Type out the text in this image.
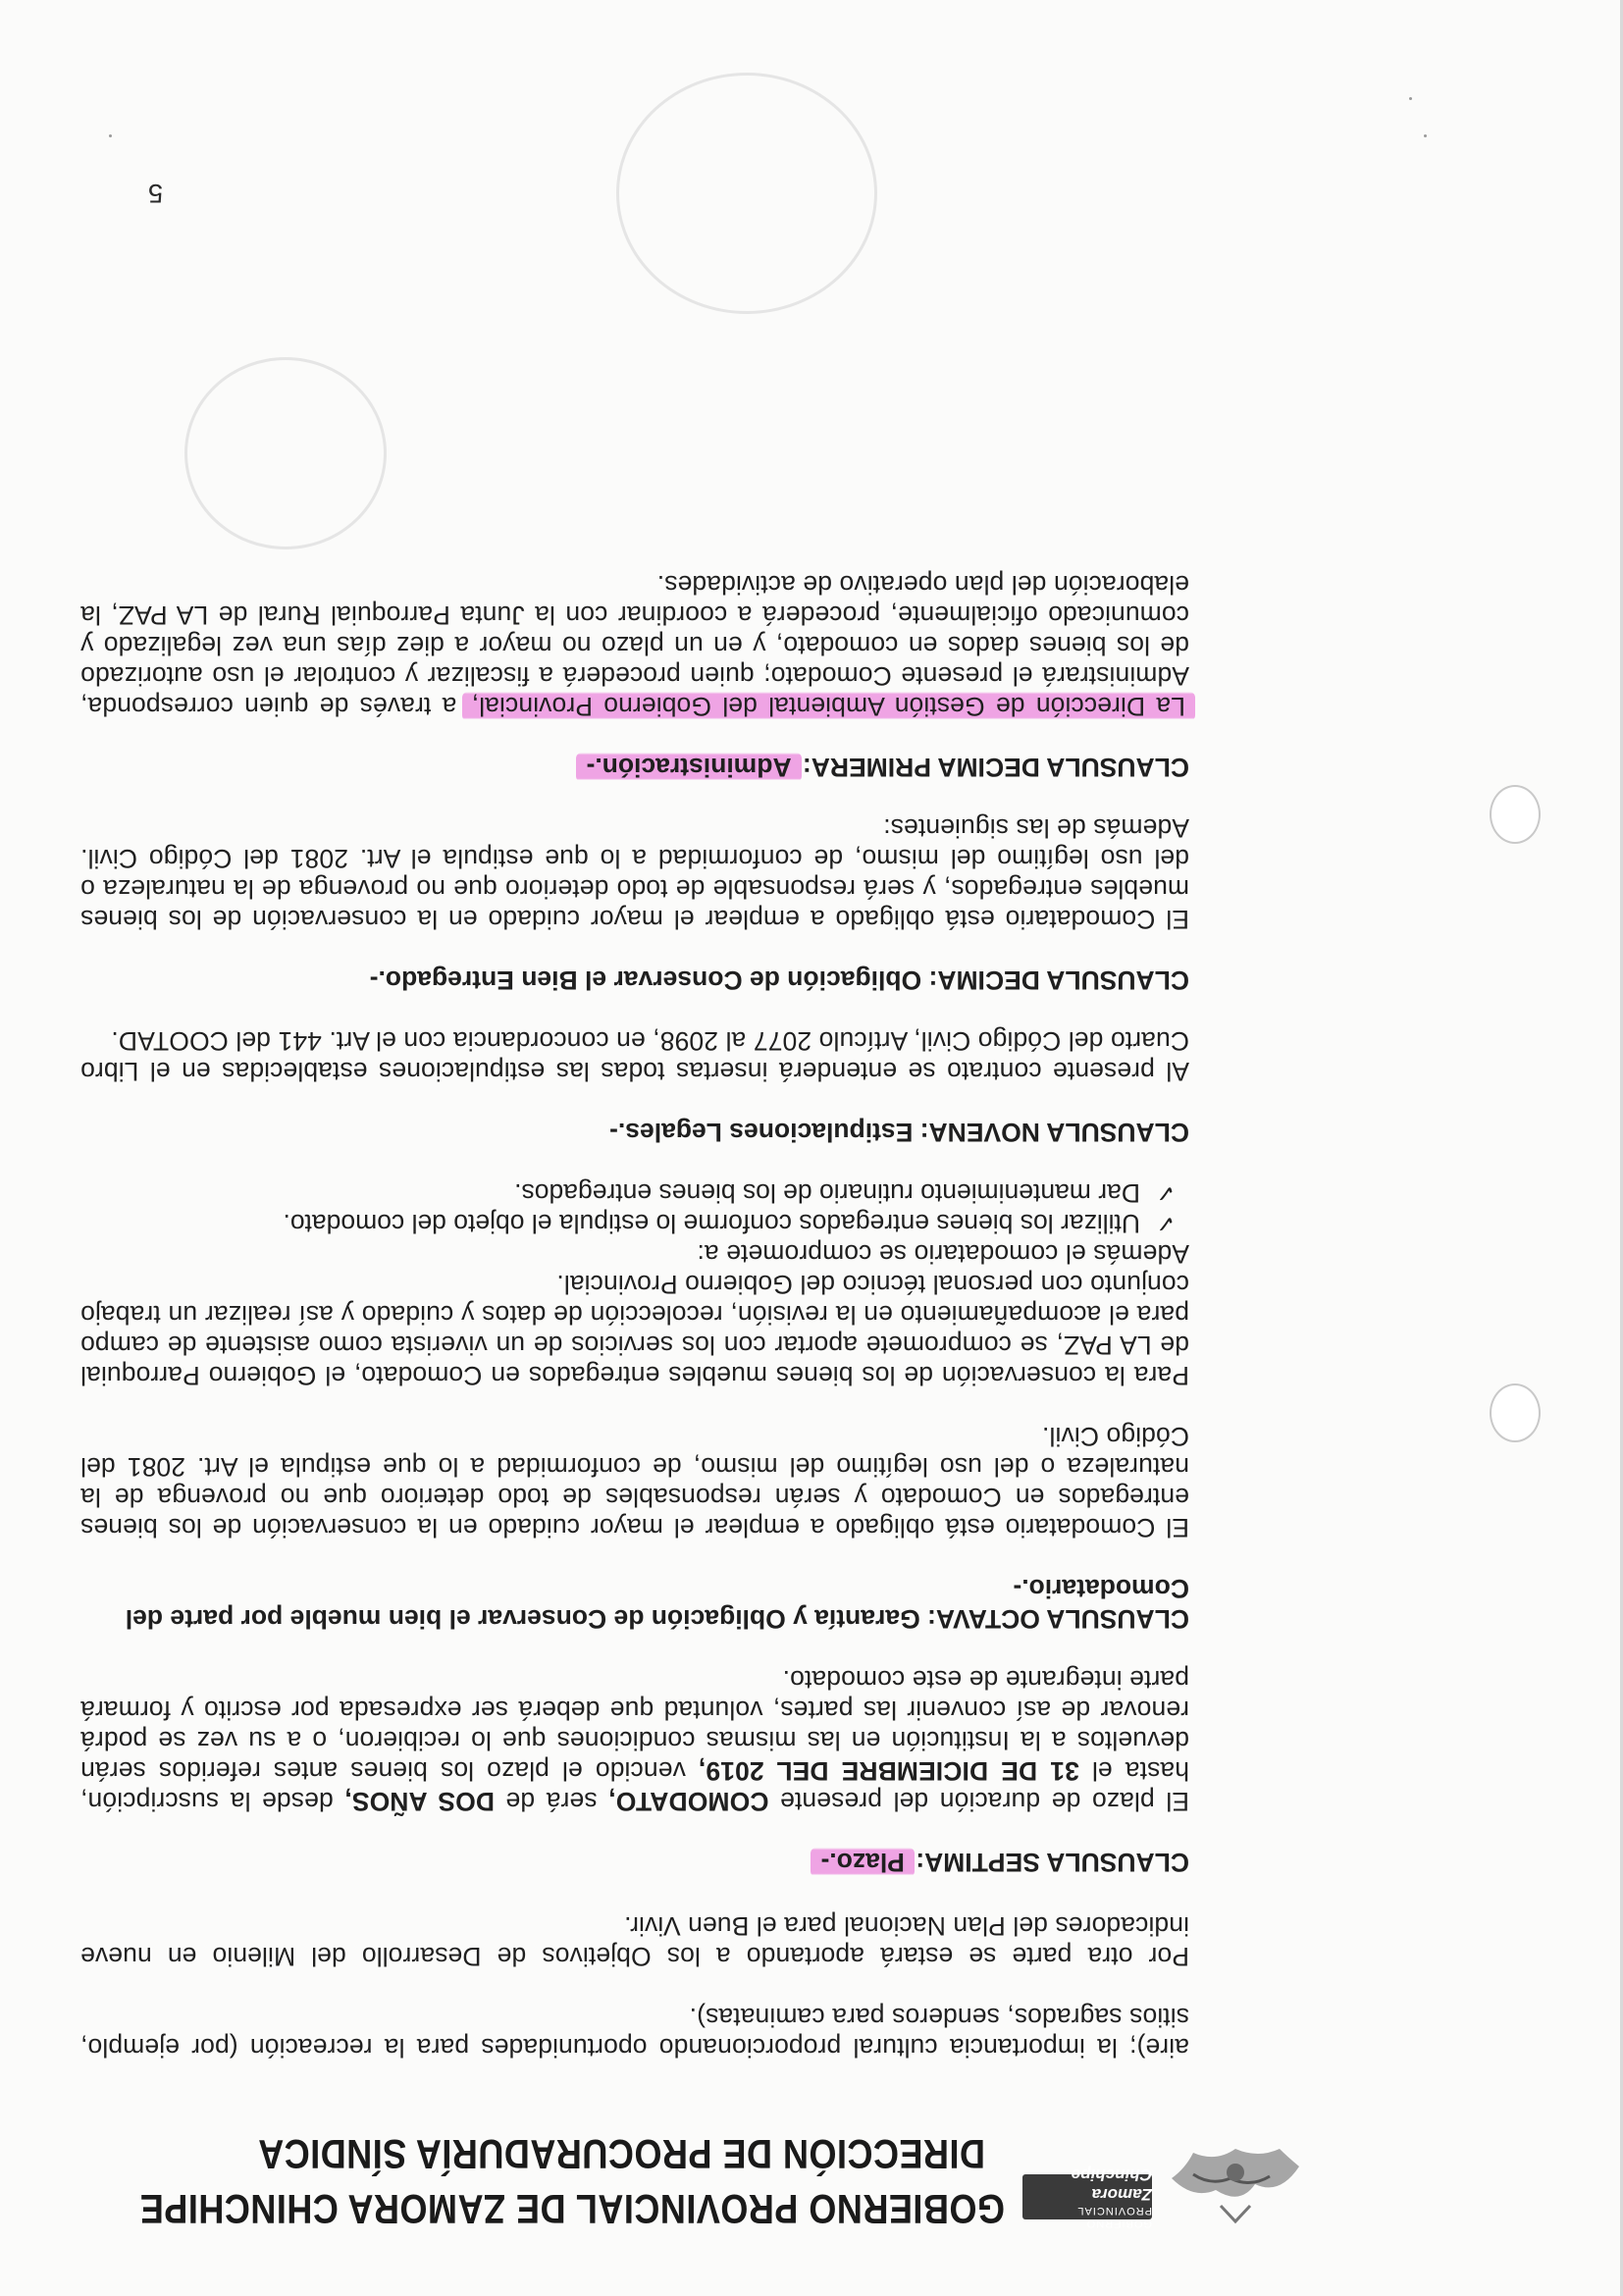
GOBIERNO PROVINCIAL
Zamora Chinchipe
GOBIERNO PROVINCIAL DE ZAMORA CHINCHIPE
DIRECCIÓN DE PROCURADURÍA SÍNDICA

aire); la importancia cultural proporcionando oportunidades para la recreación (por ejemplo, sitios sagrados, senderos para caminatas).

Por otra parte se estará aportando a los Objetivos de Desarrollo del Milenio en nueve indicadores del Plan Nacional para el Buen Vivir.

CLAUSULA SEPTIMA: Plazo.-

El plazo de duración del presente COMODATO, será de DOS AÑOS, desde la suscripción, hasta el 31 DE DICIEMBRE DEL 2019, vencido el plazo los bienes antes referidos serán devueltos a la Institución en las mismas condiciones que lo recibieron, o a su vez se podrá renovar de así convenir las partes, voluntad que deberá ser expresada por escrito y formará parte integrante de este comodato.

CLAUSULA OCTAVA: Garantía y Obligación de Conservar el bien mueble por parte del Comodatario.-

El Comodatario está obligado a emplear el mayor cuidado en la conservación de los bienes entregados en Comodato y serán responsables de todo deterioro que no provenga de la naturaleza o del uso legítimo del mismo, de conformidad a lo que estipula el Art. 2081 del Código Civil.

Para la conservación de los bienes muebles entregados en Comodato, el Gobierno Parroquial de LA PAZ, se compromete aportar con los servicios de un viverista como asistente de campo para el acompañamiento en la revisión, recolección de datos y cuidado y así realizar un trabajo conjunto con personal técnico del Gobierno Provincial.

Además el comodatario se compromete a:

✓
Utilizar los bienes entregados conforme lo estipula el objeto del comodato.
✓
Dar mantenimiento rutinario de los bienes entregados.

CLAUSULA NOVENA: Estipulaciones Legales.-

Al presente contrato se entenderá insertas todas las estipulaciones establecidas en el Libro Cuarto del Código Civil, Artículo 2077 al 2098, en concordancia con el Art. 441 del COOTAD.

CLAUSULA DECIMA: Obligación de Conservar el Bien Entregado.-

El Comodatario está obligado a emplear el mayor cuidado en la conservación de los bienes muebles entregados, y será responsable de todo deterioro que no provenga de la naturaleza o del uso legítimo del mismo, de conformidad a lo que estipula el Art. 2081 del Código Civil. Además de las siguientes:

CLAUSULA DECIMA PRIMERA: Administración.-

La Dirección de Gestión Ambiental del Gobierno Provincial, a través de quien corresponda, Administrará el presente Comodato; quien procederá a fiscalizar y controlar el uso autorizado de los bienes dados en comodato, y en un plazo no mayor a diez días una vez legalizado y comunicado oficialmente, procederá a coordinar con la Junta Parroquial Rural de LA PAZ, la elaboración del plan operativo de actividades.

5
